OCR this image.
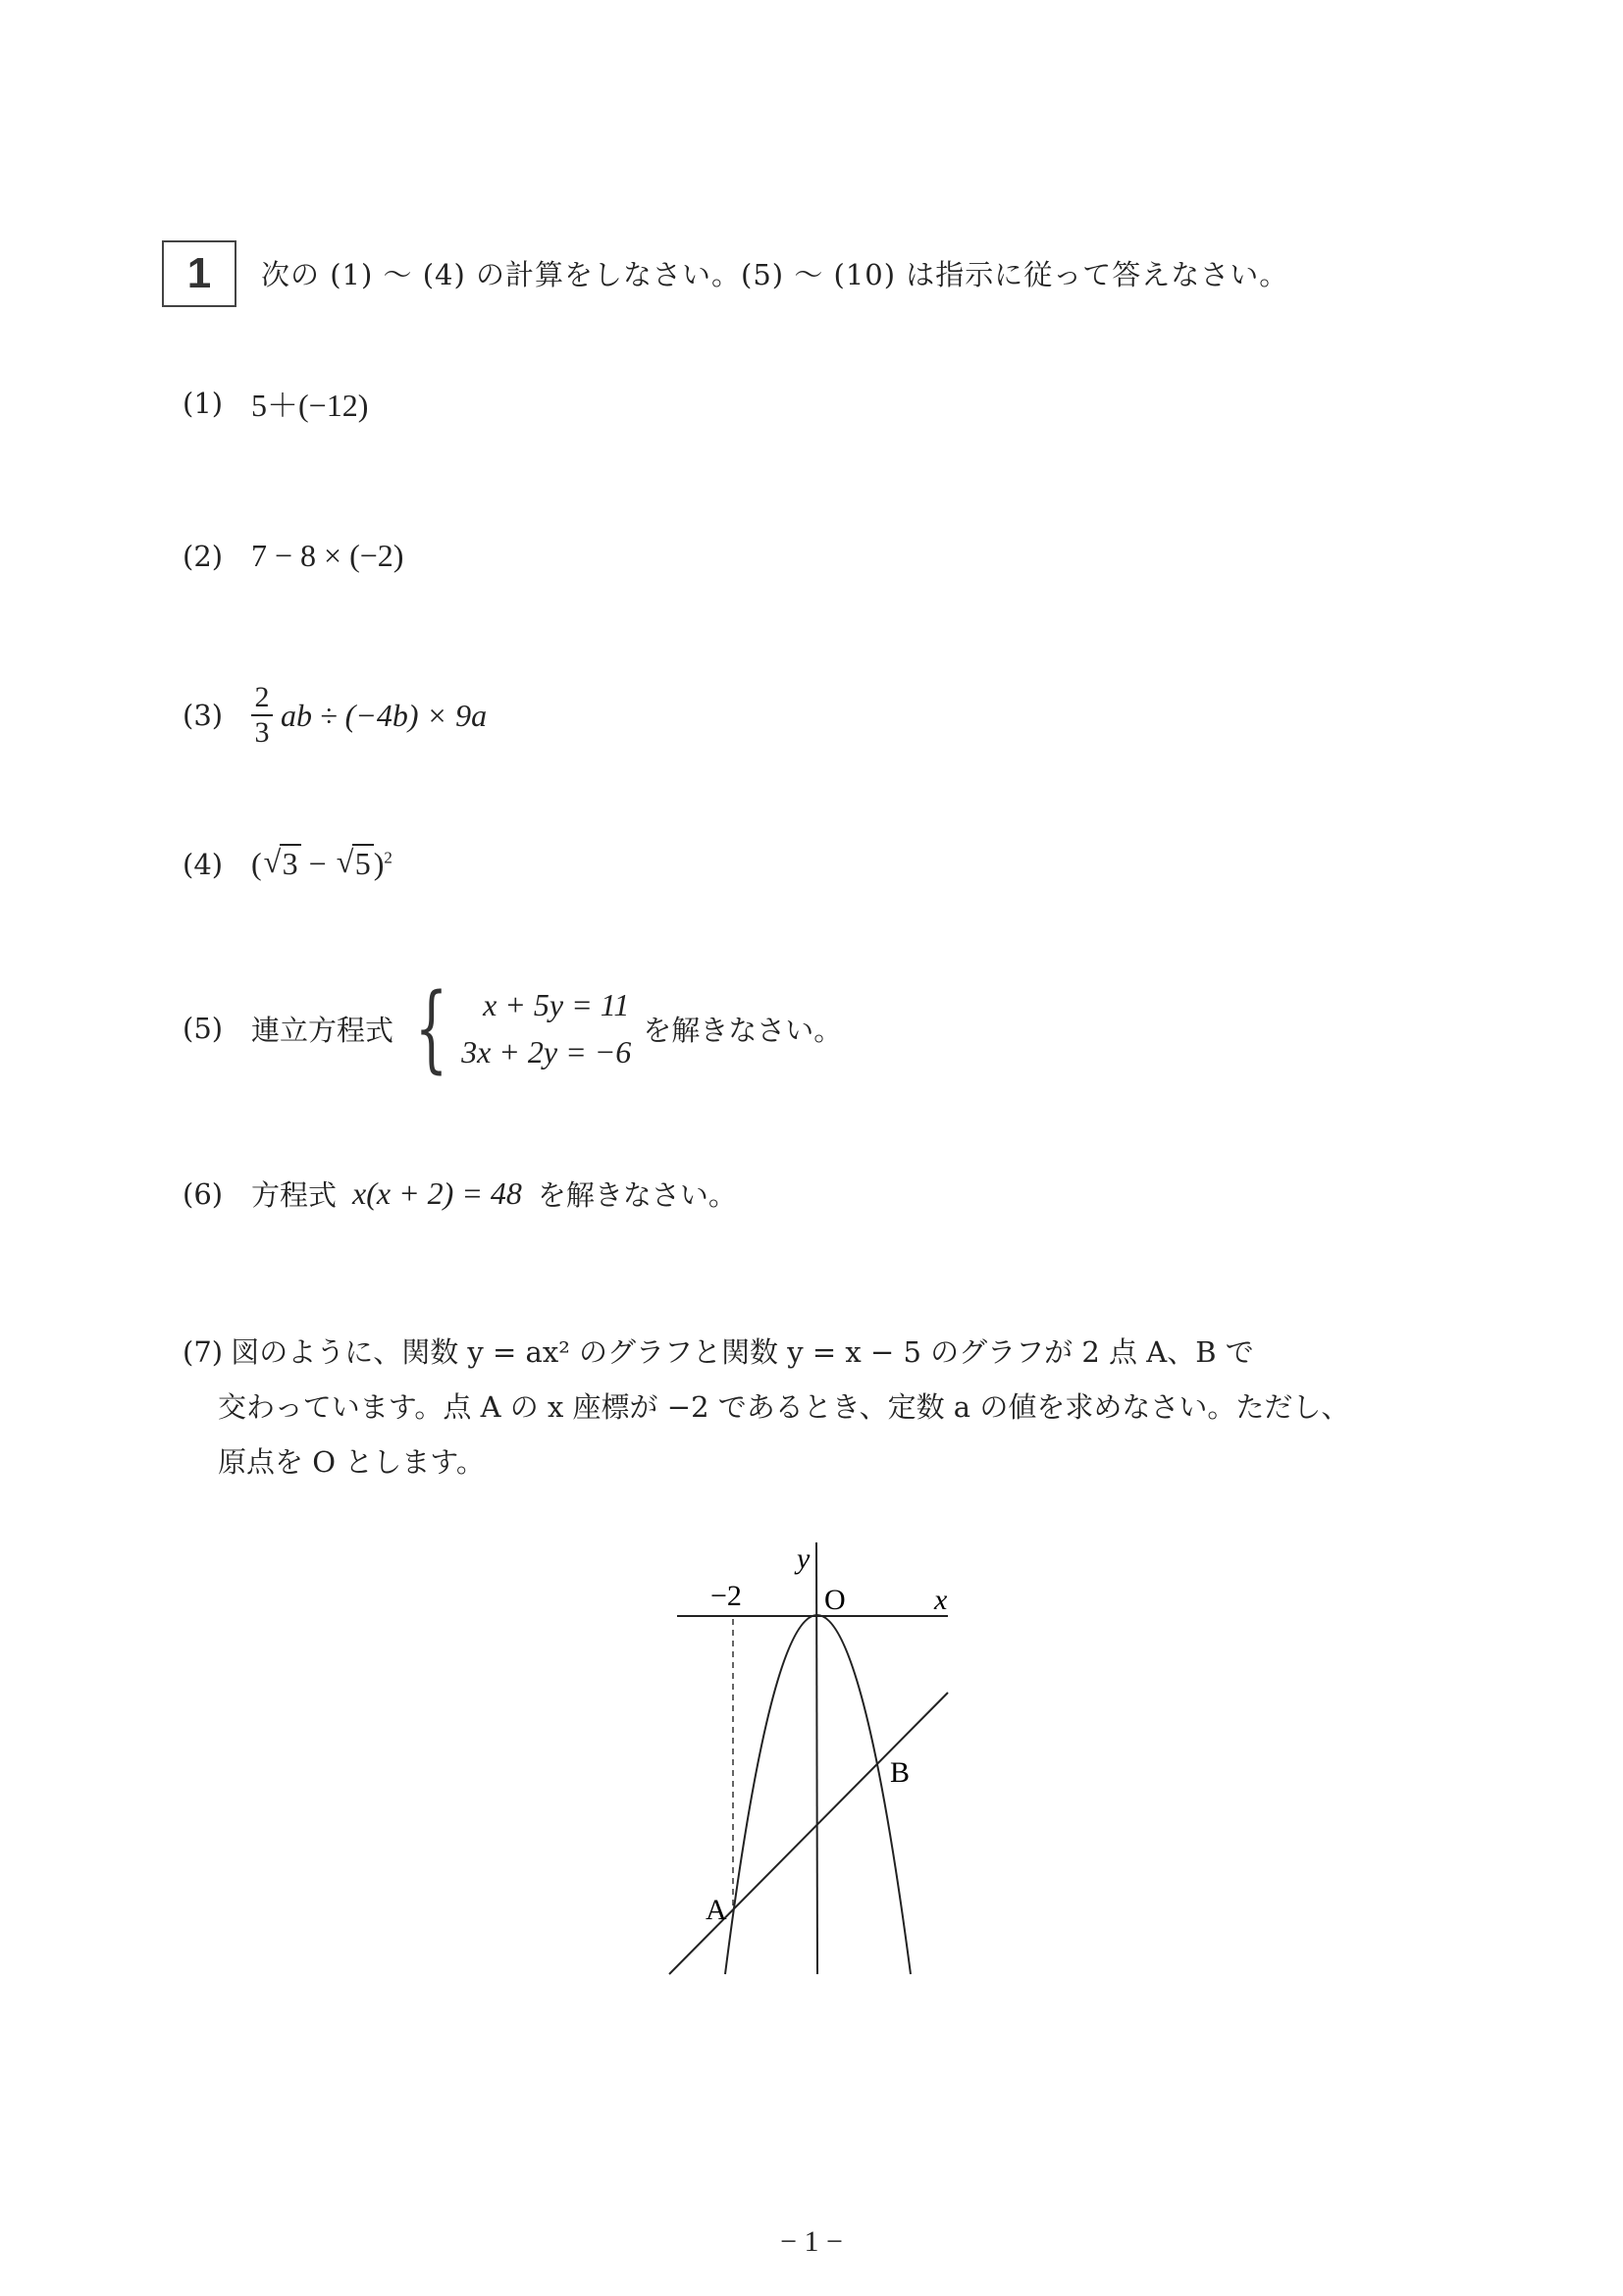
1 次の (1) ～ (4) の計算をしなさい。(5) ～ (10) は指示に従って答えなさい。
(1) 5＋(−12)
(2) 7 − 8 × (−2)
$(3) \frac{2}{3}$ ab ÷ (−4b) × 9a
(4) ( √ 3 − √ 5)$^2$
(5) 連立方程式 {	x + 5y = 11
3x + 2y = −6
を解きなさい。
(6) 方程式 x(x + 2) = 48 を解きなさい。
(7) 図のように、関数 y = ax² のグラフと関数 y = x − 5 のグラフが 2 点 A、B で
交わっています。点 A の x 座標が −2 であるとき、定数 a の値を求めなさい。ただし、
原点を O とします。
y
x
O
−2
A
B
− 1 −
